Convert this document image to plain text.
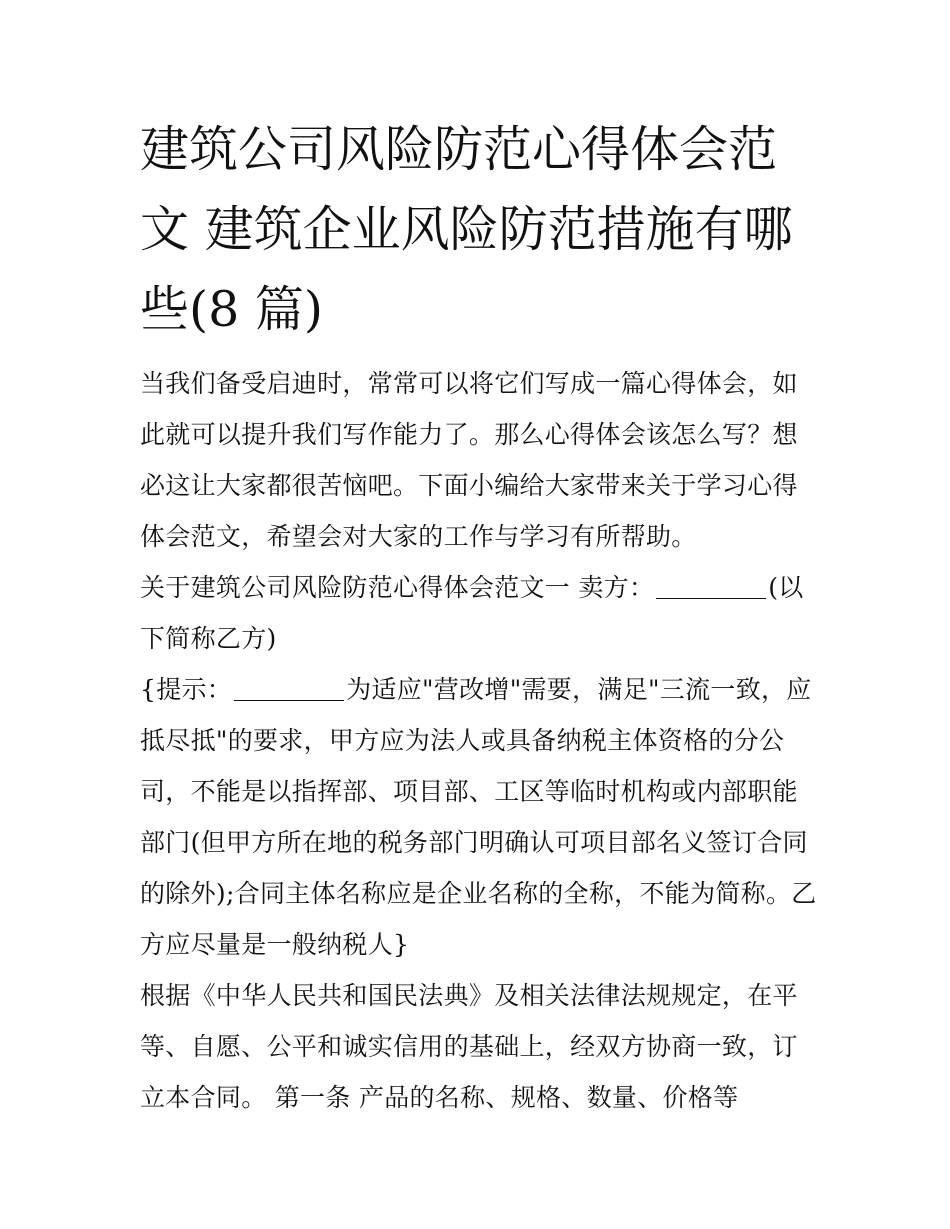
建筑公司风险防范心得体会范文 建筑企业风险防范措施有哪些(8 篇)

当我们备受启迪时，常常可以将它们写成一篇心得体会，如此就可以提升我们写作能力了。那么心得体会该怎么写？想必这让大家都很苦恼吧。下面小编给大家带来关于学习心得体会范文，希望会对大家的工作与学习有所帮助。

关于建筑公司风险防范心得体会范文一 卖方：	(以下简称乙方)

{提示：	为适应"营改增"需要，满足"三流一致，应抵尽抵"的要求，甲方应为法人或具备纳税主体资格的分公司，不能是以指挥部、项目部、工区等临时机构或内部职能部门(但甲方所在地的税务部门明确认可项目部名义签订合同的除外);合同主体名称应是企业名称的全称，不能为简称。乙方应尽量是一般纳税人}

根据《中华人民共和国民法典》及相关法律法规规定，在平等、自愿、公平和诚实信用的基础上，经双方协商一致，订立本合同。 第一条 产品的名称、规格、数量、价格等
